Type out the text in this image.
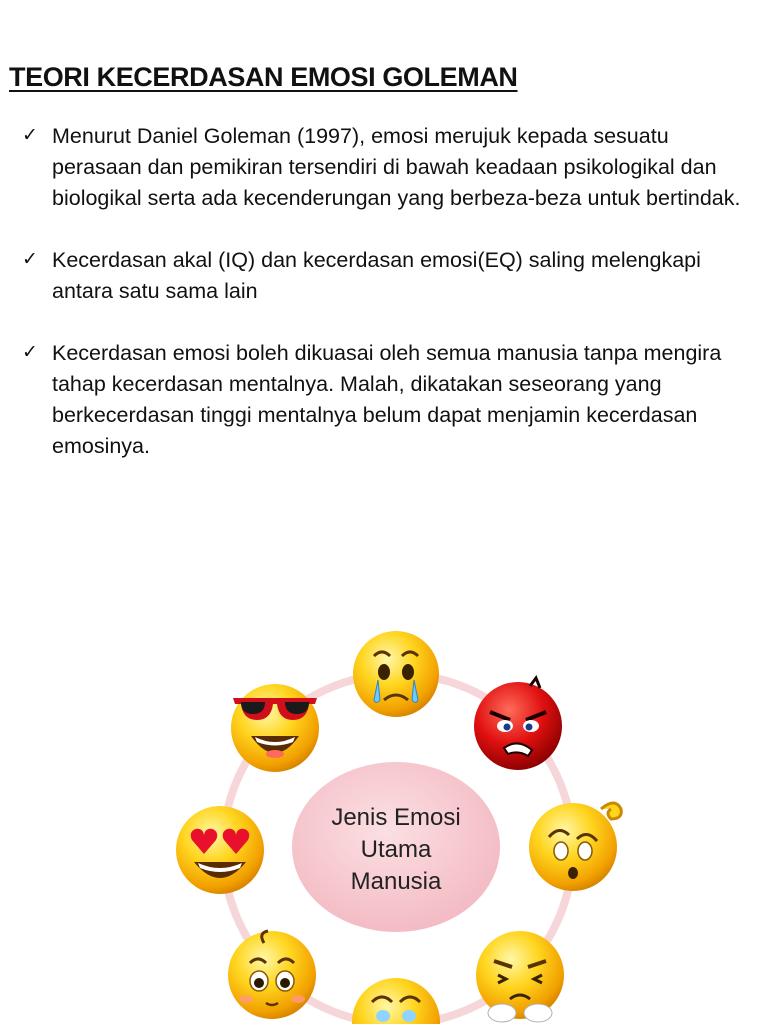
TEORI KECERDASAN EMOSI GOLEMAN
✓ Menurut Daniel Goleman (1997), emosi merujuk kepada sesuatu perasaan dan pemikiran tersendiri di bawah keadaan psikologikal dan biologikal serta ada kecenderungan yang berbeza-beza untuk bertindak.
✓ Kecerdasan akal (IQ) dan kecerdasan emosi(EQ) saling melengkapi antara satu sama lain
✓ Kecerdasan emosi boleh dikuasai oleh semua manusia tanpa mengira tahap kecerdasan mentalnya. Malah, dikatakan seseorang yang berkecerdasan tinggi mentalnya belum dapat menjamin kecerdasan emosinya.
Jenis Emosi
Utama
Manusia
